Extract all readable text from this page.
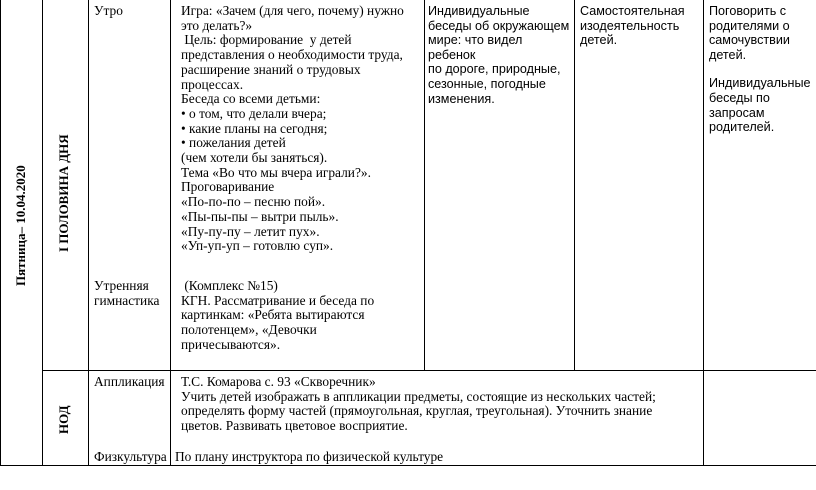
Пятница– 10.04.2020 I ПОЛОВИНА ДНЯ

Утро

Утренняя

гимнастика

Игра: «Зачем (для чего, почему) нужно

это делать?»

Цель: формирование  у детей

представления о необходимости труда,

расширение знаний о трудовых

процессах.

Беседа со всеми детьми:

• о том, что делали вчера;

• какие планы на сегодня;

• пожелания детей

(чем хотели бы заняться).

Тема «Во что мы вчера играли?».

Проговаривание

«По-по-по – песню пой».

«Пы-пы-пы – вытри пыль».

«Пу-пу-пу – летит пух».

«Уп-уп-уп – готовлю суп».

(Комплекс №15)

КГН. Рассматривание и беседа по

картинкам: «Ребята вытираются

полотенцем», «Девочки

причесываются».

Индивидуальные

беседы об окружающем

мире: что видел ребенок

по дороге, природные,

сезонные, погодные

изменения.

Самостоятельная

изодеятельность

детей.

Поговорить с

родителями о

самочувствии

детей.

Индивидуальные

беседы по

запросам

родителей.

НОД

Аппликация

Физкультура

Т.С. Комарова с. 93 «Скворечник»

Учить детей изображать в аппликации предметы, состоящие из нескольких частей;

определять форму частей (прямоугольная, круглая, треугольная). Уточнить знание

цветов. Развивать цветовое восприятие.

По плану инструктора по физической культуре
